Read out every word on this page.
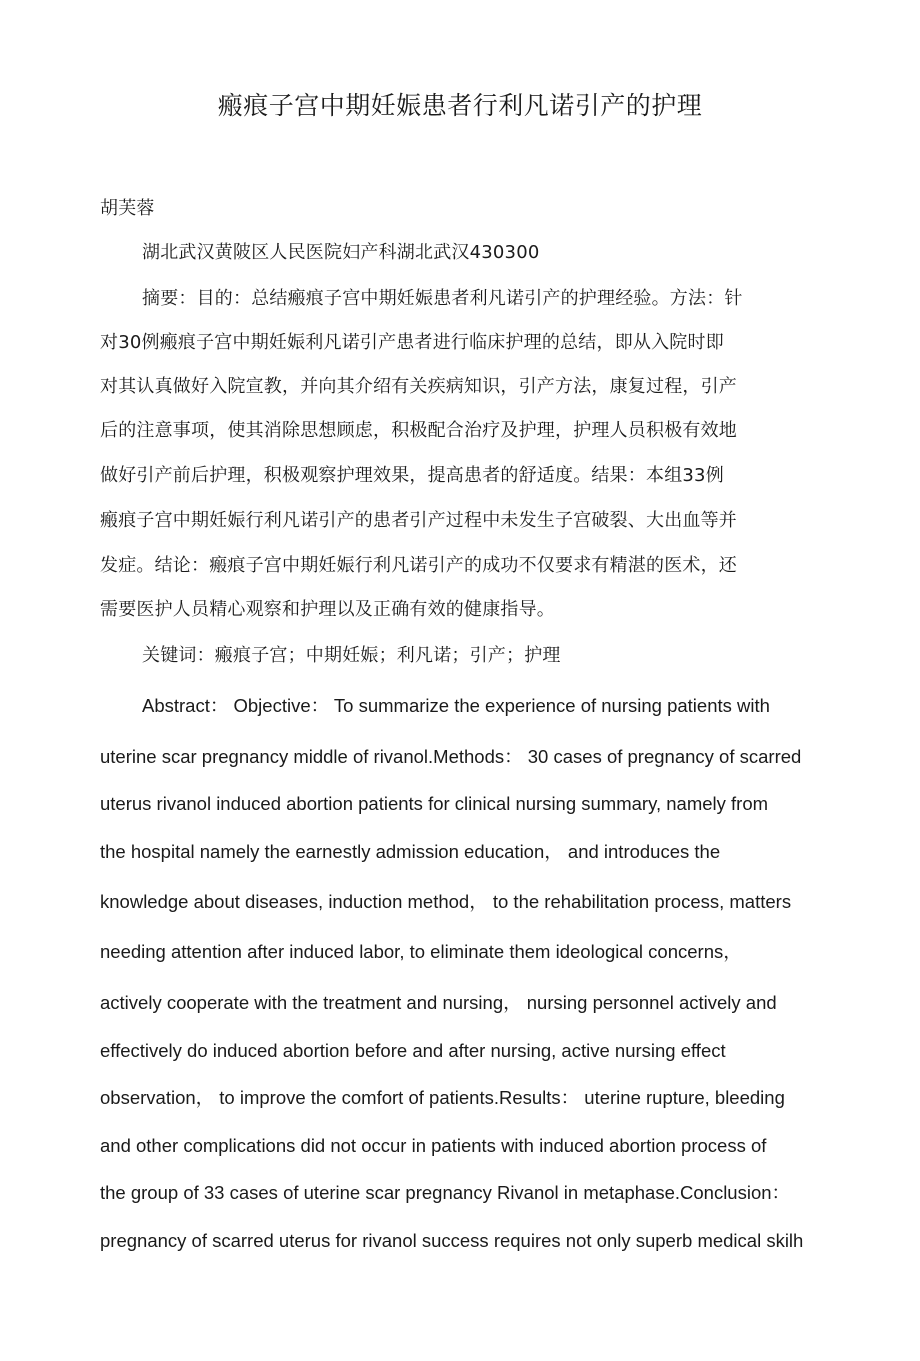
瘢痕子宫中期妊娠患者行利凡诺引产的护理
胡芙蓉
湖北武汉黄陂区人民医院妇产科湖北武汉430300
摘要：目的：总结瘢痕子宫中期妊娠患者利凡诺引产的护理经验。方法：针
对30例瘢痕子宫中期妊娠利凡诺引产患者进行临床护理的总结，即从入院时即
对其认真做好入院宣教，并向其介绍有关疾病知识，引产方法，康复过程，引产
后的注意事项，使其消除思想顾虑，积极配合治疗及护理，护理人员积极有效地
做好引产前后护理，积极观察护理效果，提高患者的舒适度。结果：本组33例
瘢痕子宫中期妊娠行利凡诺引产的患者引产过程中未发生子宫破裂、大出血等并
发症。结论：瘢痕子宫中期妊娠行利凡诺引产的成功不仅要求有精湛的医术，还
需要医护人员精心观察和护理以及正确有效的健康指导。
关键词：瘢痕子宫；中期妊娠；利凡诺；引产；护理
Abstract： Objective： To summarize the experience of nursing patients with
uterine scar pregnancy middle of rivanol.Methods： 30 cases of pregnancy of scarred
uterus rivanol induced abortion patients for clinical nursing summary, namely from
the hospital namely the earnestly admission education， and introduces the
knowledge about diseases, induction method， to the rehabilitation process, matters
needing attention after induced labor, to eliminate them ideological concerns，
actively cooperate with the treatment and nursing， nursing personnel actively and
effectively do induced abortion before and after nursing, active nursing effect
observation， to improve the comfort of patients.Results： uterine rupture, bleeding
and other complications did not occur in patients with induced abortion process of
the group of 33 cases of uterine scar pregnancy Rivanol in metaphase.Conclusion：
pregnancy of scarred uterus for rivanol success requires not only superb medical skilh
